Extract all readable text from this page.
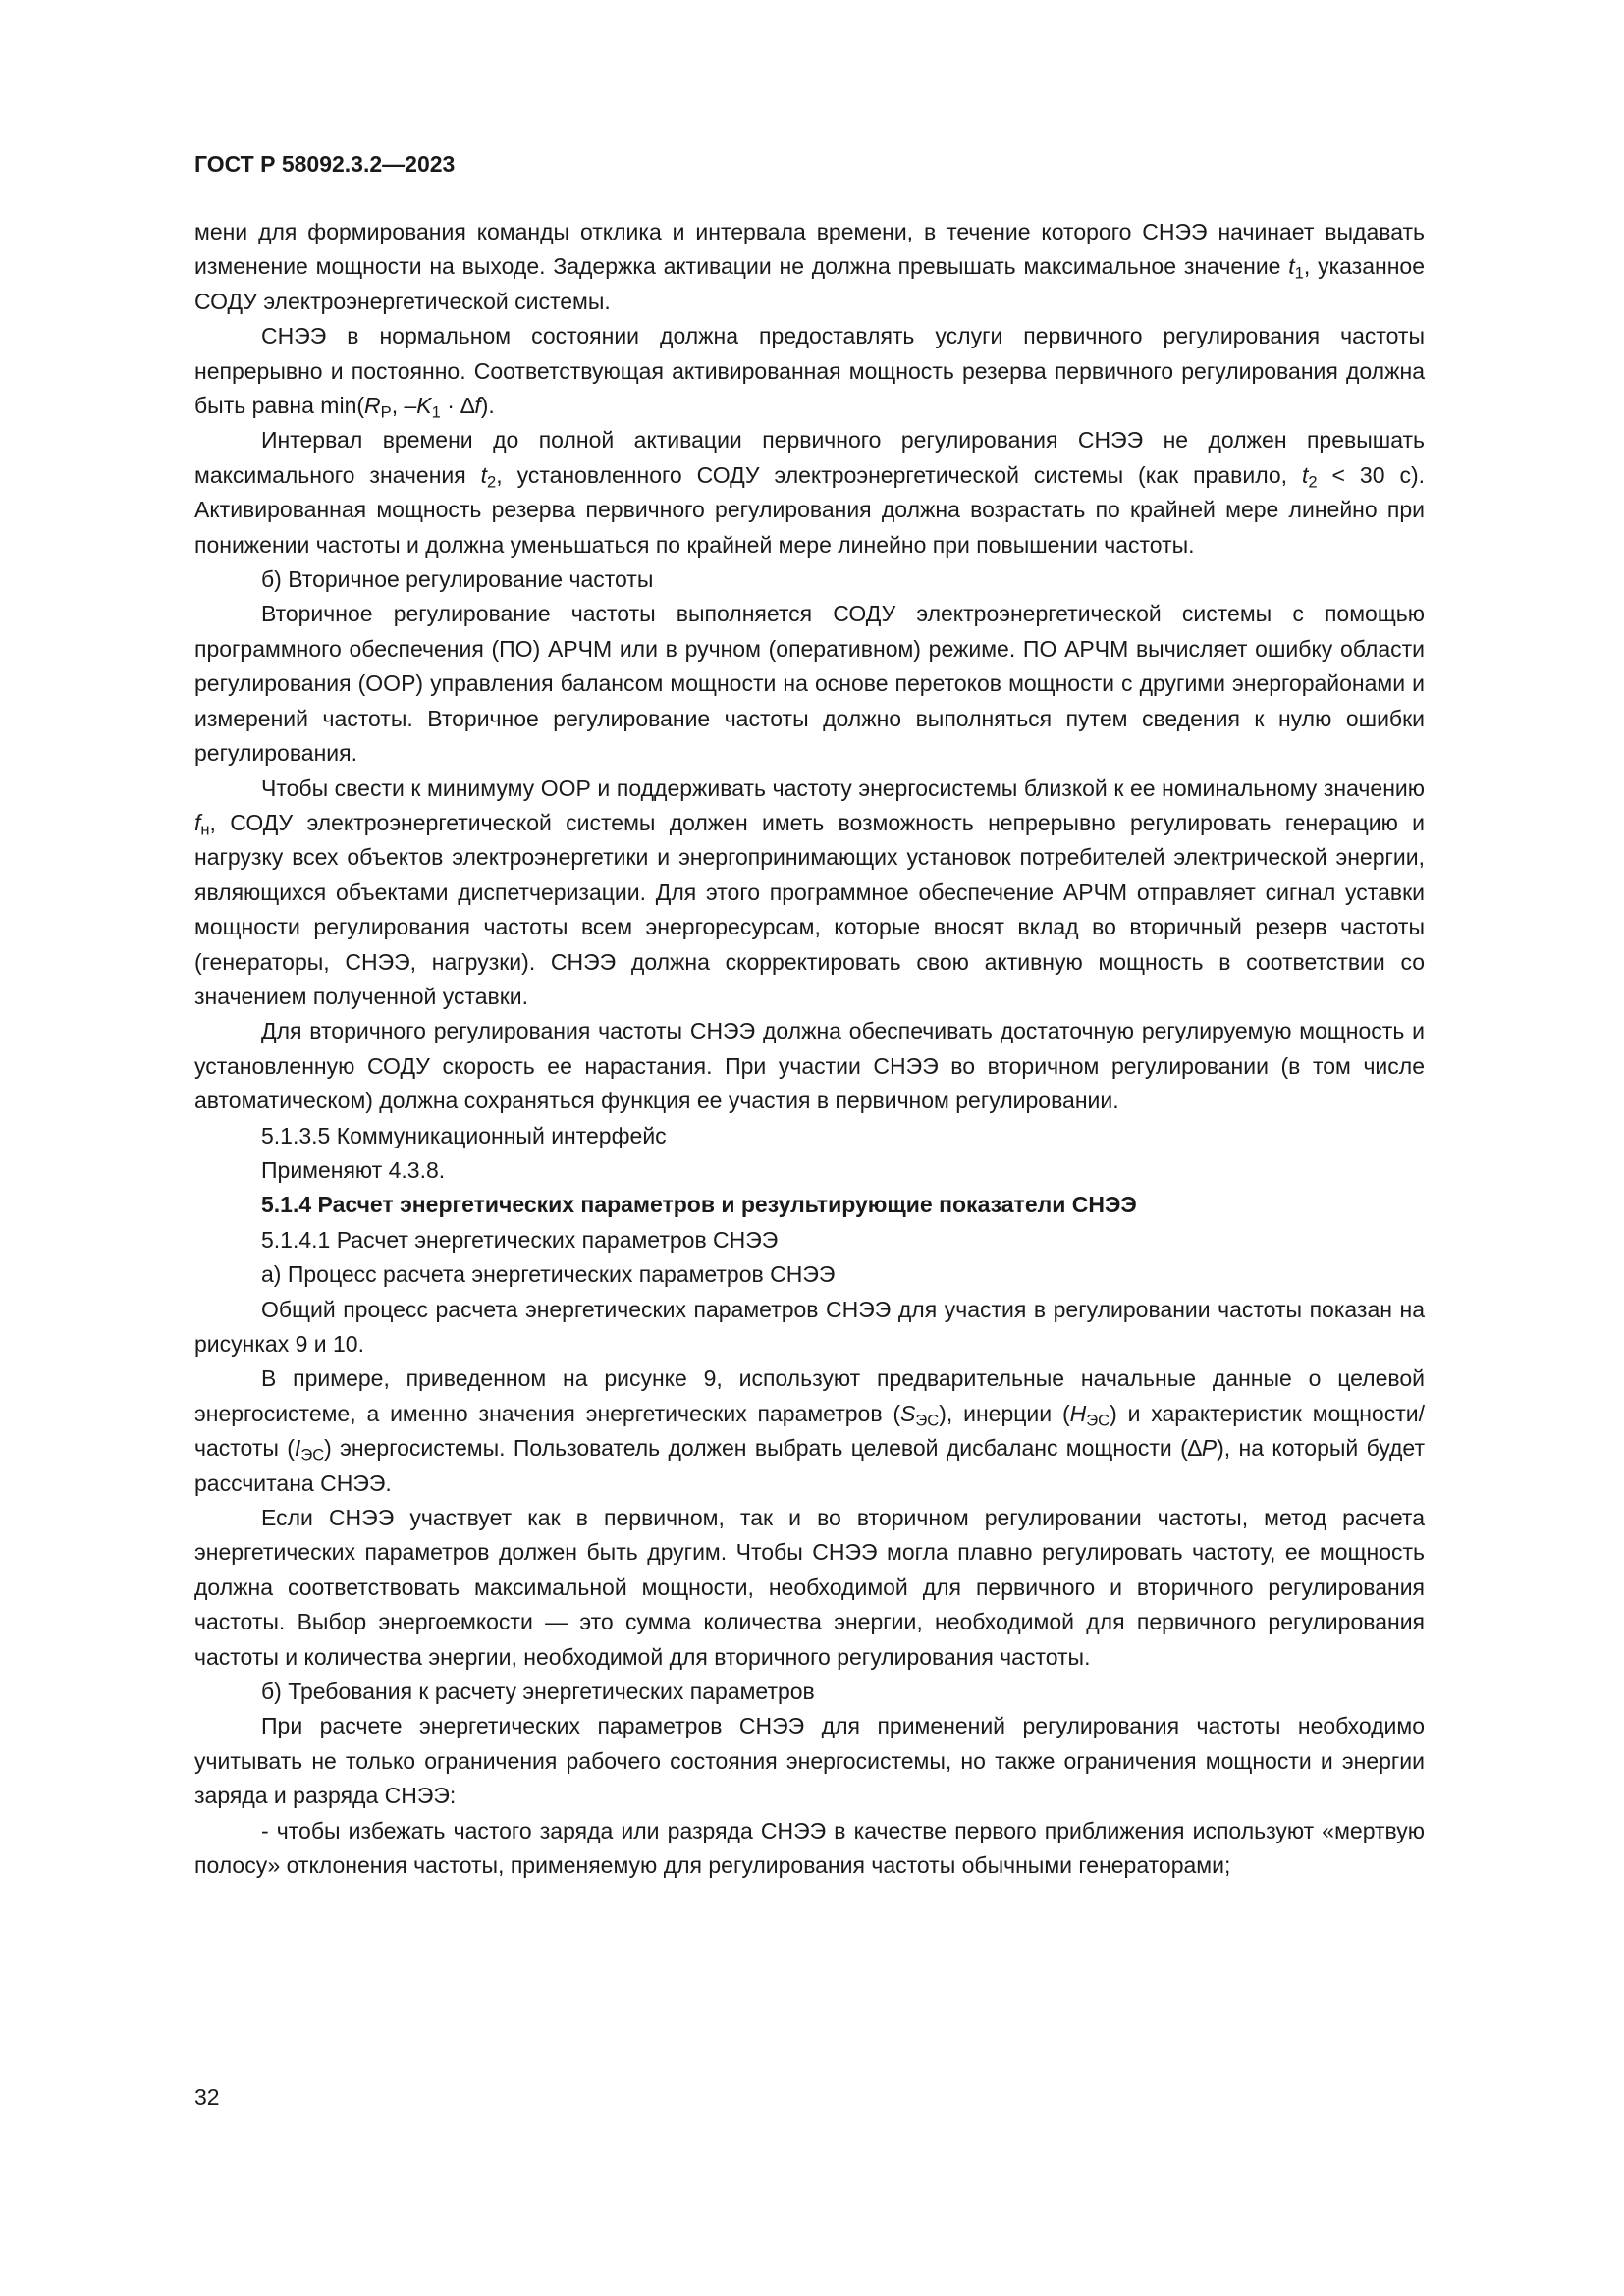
ГОСТ Р 58092.3.2—2023

мени для формирования команды отклика и интервала времени, в течение которого СНЭЭ начинает выдавать изменение мощности на выходе. Задержка активации не должна превышать максимальное значение $t_1$, указанное СОДУ электроэнергетической системы.

СНЭЭ в нормальном состоянии должна предоставлять услуги первичного регулирования частоты непрерывно и постоянно. Соответствующая активированная мощность резерва первичного регулирования должна быть равна $\min(R_P$, $-K_1 \cdot \Delta f$).

Интервал времени до полной активации первичного регулирования СНЭЭ не должен превышать максимального значения $t_2$, установленного СОДУ электроэнергетической системы (как правило, $t_2 < 30$ с). Активированная мощность резерва первичного регулирования должна возрастать по крайней мере линейно при понижении частоты и должна уменьшаться по крайней мере линейно при повышении частоты.

б) Вторичное регулирование частоты

Вторичное регулирование частоты выполняется СОДУ электроэнергетической системы с помощью программного обеспечения (ПО) АРЧМ или в ручном (оперативном) режиме. ПО АРЧМ вычисляет ошибку области регулирования (ООР) управления балансом мощности на основе перетоков мощности с другими энергорайонами и измерений частоты. Вторичное регулирование частоты должно выполняться путем сведения к нулю ошибки регулирования.

Чтобы свести к минимуму ООР и поддерживать частоту энергосистемы близкой к ее номинальному значению $f_н$, СОДУ электроэнергетической системы должен иметь возможность непрерывно регулировать генерацию и нагрузку всех объектов электроэнергетики и энергопринимающих установок потребителей электрической энергии, являющихся объектами диспетчеризации. Для этого программное обеспечение АРЧМ отправляет сигнал уставки мощности регулирования частоты всем энергоресурсам, которые вносят вклад во вторичный резерв частоты (генераторы, СНЭЭ, нагрузки). СНЭЭ должна скорректировать свою активную мощность в соответствии со значением полученной уставки.

Для вторичного регулирования частоты СНЭЭ должна обеспечивать достаточную регулируемую мощность и установленную СОДУ скорость ее нарастания. При участии СНЭЭ во вторичном регулировании (в том числе автоматическом) должна сохраняться функция ее участия в первичном регулировании.

5.1.3.5 Коммуникационный интерфейс

Применяют 4.3.8.

5.1.4 Расчет энергетических параметров и результирующие показатели СНЭЭ

5.1.4.1 Расчет энергетических параметров СНЭЭ

а) Процесс расчета энергетических параметров СНЭЭ

Общий процесс расчета энергетических параметров СНЭЭ для участия в регулировании частоты показан на рисунках 9 и 10.

В примере, приведенном на рисунке 9, используют предварительные начальные данные о целевой энергосистеме, а именно значения энергетических параметров $(S_{ЭС})$, инерции $(H_{ЭС})$ и характеристик мощности/частоты $(I_{ЭС})$ энергосистемы. Пользователь должен выбрать целевой дисбаланс мощности (∆P), на который будет рассчитана СНЭЭ.

Если СНЭЭ участвует как в первичном, так и во вторичном регулировании частоты, метод расчета энергетических параметров должен быть другим. Чтобы СНЭЭ могла плавно регулировать частоту, ее мощность должна соответствовать максимальной мощности, необходимой для первичного и вторичного регулирования частоты. Выбор энергоемкости — это сумма количества энергии, необходимой для первичного регулирования частоты и количества энергии, необходимой для вторичного регулирования частоты.

б) Требования к расчету энергетических параметров

При расчете энергетических параметров СНЭЭ для применений регулирования частоты необходимо учитывать не только ограничения рабочего состояния энергосистемы, но также ограничения мощности и энергии заряда и разряда СНЭЭ:

- чтобы избежать частого заряда или разряда СНЭЭ в качестве первого приближения используют «мертвую полосу» отклонения частоты, применяемую для регулирования частоты обычными генераторами;

32
